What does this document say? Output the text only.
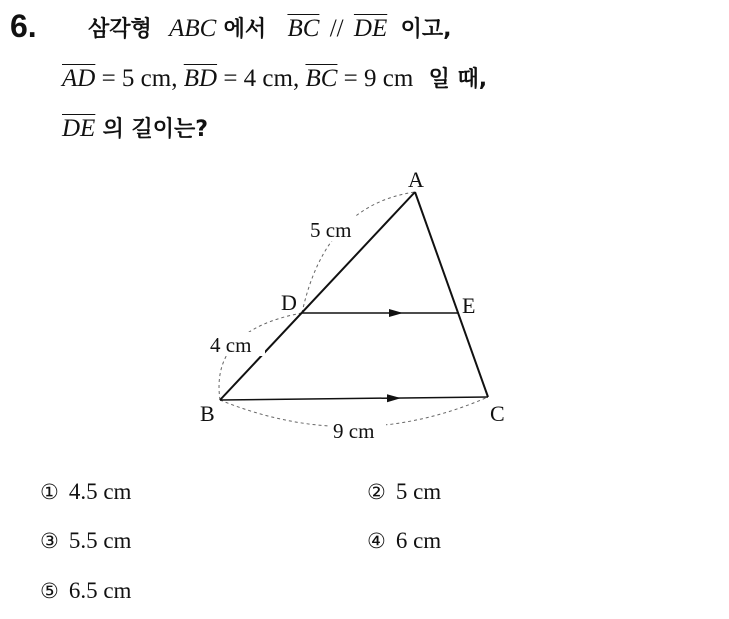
6. 삼각형 ABC 에서 $\overline{BC} // \overline{DE}$ 이고,
$\overline{AD} = 5$ cm, $\overline{BD} = 4$ cm, $\overline{BC} = 9$ cm 일 때,
$\overline{DE}$ 의 길이는?
A
B	C
D	E
5 cm
4 cm
9 cm
① 4.5 cm	② 5 cm
③ 5.5 cm	④ 6 cm
⑤ 6.5 cm
